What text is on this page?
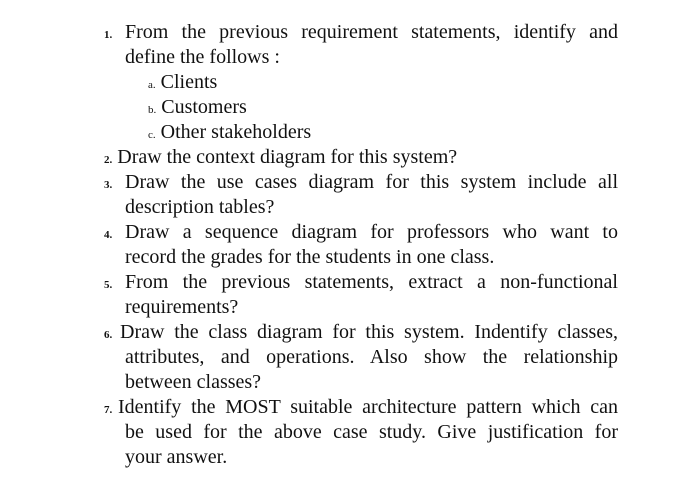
1. From the previous requirement statements, identify and
define the follows :
a. Clients
b. Customers
c. Other stakeholders
2. Draw the context diagram for this system?
3. Draw the use cases diagram for this system include all
description tables?
4. Draw a sequence diagram for professors who want to
record the grades for the students in one class.
5. From the previous statements, extract a non-functional
requirements?
6. Draw the class diagram for this system. Indentify classes,
attributes, and operations. Also show the relationship
between classes?
7. Identify the MOST suitable architecture pattern which can
be used for the above case study. Give justification for
your answer.
